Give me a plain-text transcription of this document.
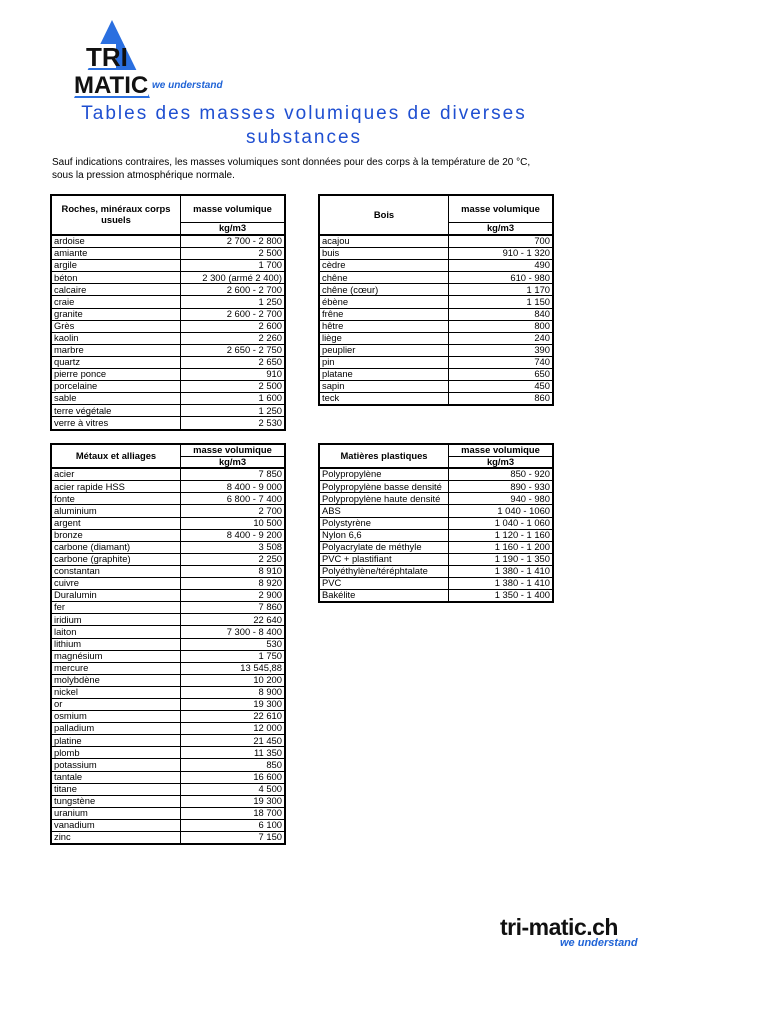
TRI
MATIC we understand
Tables des masses volumiques de diverses substances
Sauf indications contraires, les masses volumiques sont données pour des corps à la température de 20 °C, sous la pression atmosphérique normale.
Roches, minéraux corps usuels	masse volumique
	kg/m3
ardoise	2 700 - 2 800
amiante	2 500
argile	1 700
béton	2 300 (armé 2 400)
calcaire	2 600 - 2 700
craie	1 250
granite	2 600 - 2 700
Grès	2 600
kaolin	2 260
marbre	2 650 - 2 750
quartz	2 650
pierre ponce	910
porcelaine	2 500
sable	1 600
terre végétale	1 250
verre à vitres	2 530
Bois	masse volumique
	kg/m3
acajou	700
buis	910 - 1 320
cèdre	490
chêne	610 - 980
chêne (cœur)	1 170
ébène	1 150
frêne	840
hêtre	800
liège	240
peuplier	390
pin	740
platane	650
sapin	450
teck	860
Métaux et alliages	masse volumique
	kg/m3
acier	7 850
acier rapide HSS	8 400 - 9 000
fonte	6 800 - 7 400
aluminium	2 700
argent	10 500
bronze	8 400 - 9 200
carbone (diamant)	3 508
carbone (graphite)	2 250
constantan	8 910
cuivre	8 920
Duralumin	2 900
fer	7 860
iridium	22 640
laiton	7 300 - 8 400
lithium	530
magnésium	1 750
mercure	13 545,88
molybdène	10 200
nickel	8 900
or	19 300
osmium	22 610
palladium	12 000
platine	21 450
plomb	11 350
potassium	850
tantale	16 600
titane	4 500
tungstène	19 300
uranium	18 700
vanadium	6 100
zinc	7 150
Matières plastiques	masse volumique
	kg/m3
Polypropylène	850 - 920
Polypropylène basse densité	890 - 930
Polypropylène haute densité	940 - 980
ABS	1 040 - 1060
Polystyrène	1 040 - 1 060
Nylon 6,6	1 120 - 1 160
Polyacrylate de méthyle	1 160 - 1 200
PVC + plastifiant	1 190 - 1 350
Polyéthylène/téréphtalate	1 380 - 1 410
PVC	1 380 - 1 410
Bakélite	1 350 - 1 400
tri-matic.ch
we understand
